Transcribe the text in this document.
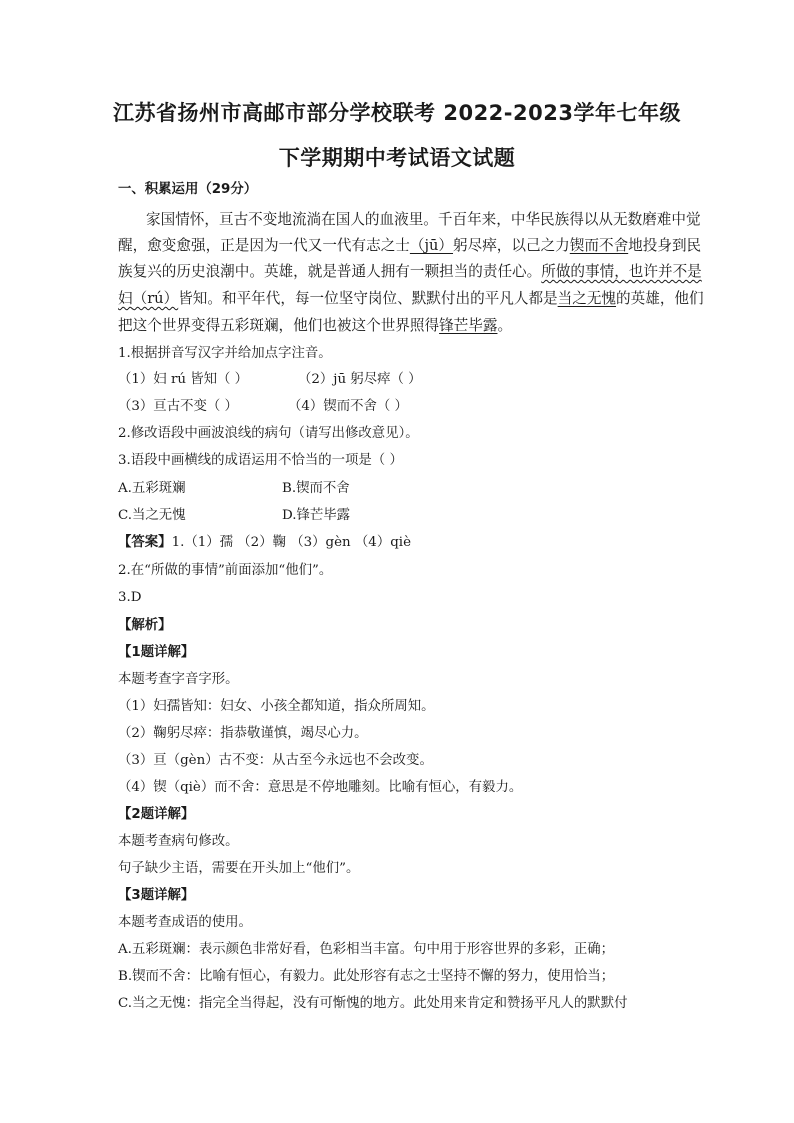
江苏省扬州市高邮市部分学校联考 2022-2023学年七年级
下学期期中考试语文试题

一、积累运用（29分）

家国情怀，亘古不变地流淌在国人的血液里。千百年来，中华民族得以从无数磨难中觉
醒，愈变愈强，正是因为一代又一代有志之士（jū）躬尽瘁，以己之力锲而不舍地投身到民
族复兴的历史浪潮中。英雄，就是普通人拥有一颗担当的责任心。所做的事情，也许并不是
妇（rú）皆知。和平年代，每一位坚守岗位、默默付出的平凡人都是当之无愧的英雄，他们
把这个世界变得五彩斑斓，他们也被这个世界照得锋芒毕露。

1.根据拼音写汉字并给加点字注音。

（1）妇 rú 皆知（ ）	（2）jū 躬尽瘁（ ）

（3）亘古不变（ ）	（4）锲而不舍（ ）

2.修改语段中画波浪线的病句（请写出修改意见）。

3.语段中画横线的成语运用不恰当的一项是（ ）

A.五彩斑斓	B.锲而不舍

C.当之无愧	D.锋芒毕露

【答案】1.（1）孺 （2）鞠 （3）gèn （4）qiè

2.在“所做的事情”前面添加“他们”。

3.D

【解析】

【1题详解】

本题考查字音字形。

（1）妇孺皆知：妇女、小孩全都知道，指众所周知。

（2）鞠躬尽瘁：指恭敬谨慎，竭尽心力。

（3）亘（gèn）古不变：从古至今永远也不会改变。

（4）锲（qiè）而不舍：意思是不停地雕刻。比喻有恒心，有毅力。

【2题详解】

本题考查病句修改。

句子缺少主语，需要在开头加上“他们”。

【3题详解】

本题考查成语的使用。

A.五彩斑斓：表示颜色非常好看，色彩相当丰富。句中用于形容世界的多彩，正确；

B.锲而不舍：比喻有恒心，有毅力。此处形容有志之士坚持不懈的努力，使用恰当；

C.当之无愧：指完全当得起，没有可惭愧的地方。此处用来肯定和赞扬平凡人的默默付
